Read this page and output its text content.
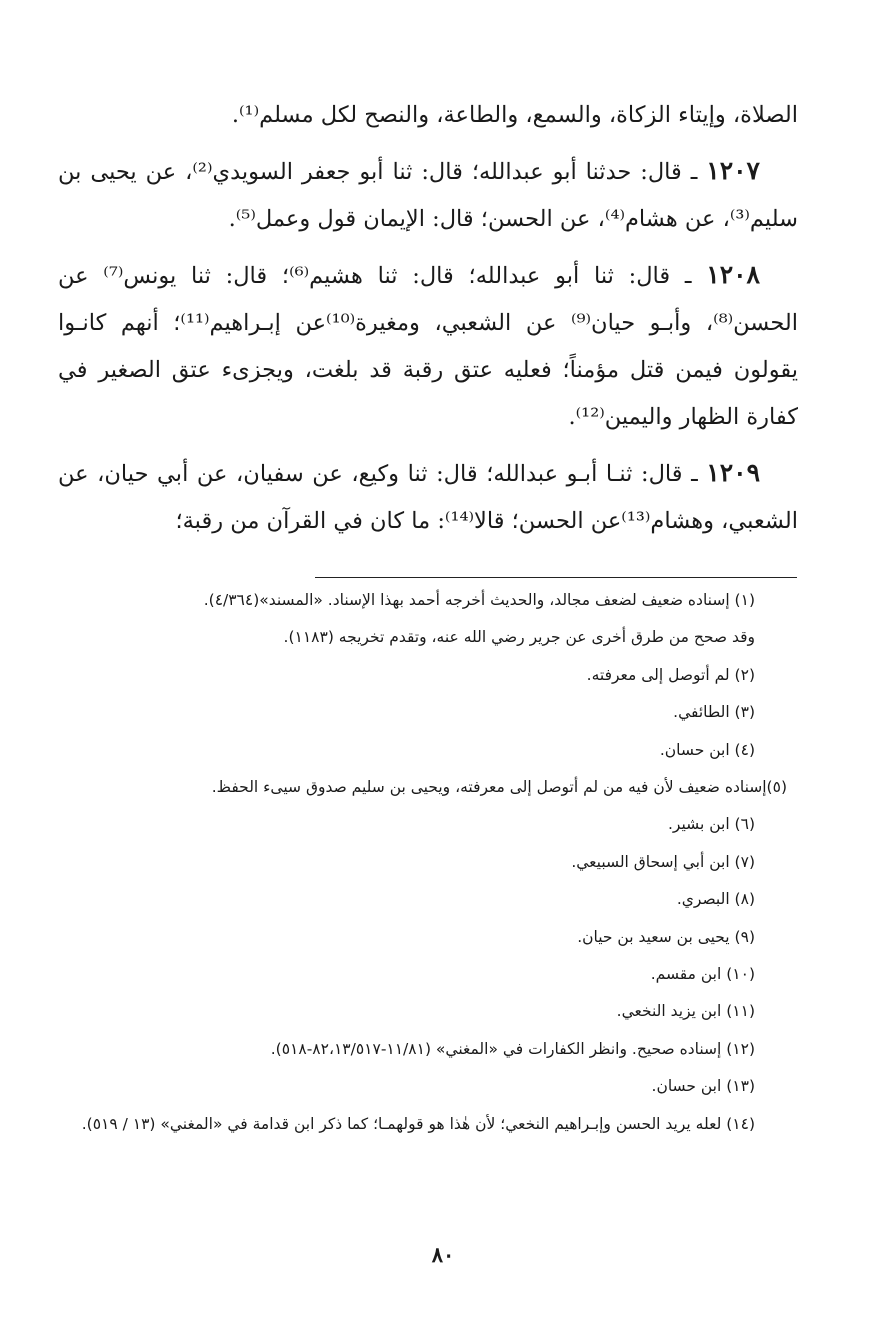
الصلاة، وإيتاء الزكاة، والسمع، والطاعة، والنصح لكل مسلم⁽¹⁾.

١٢٠٧ ـ قال: حدثنا أبو عبدالله؛ قال: ثنا أبو جعفر السويدي⁽²⁾، عن يحيى بن سليم⁽³⁾، عن هشام⁽⁴⁾، عن الحسن؛ قال: الإيمان قول وعمل⁽⁵⁾.

١٢٠٨ ـ قال: ثنا أبو عبدالله؛ قال: ثنا هشيم⁽⁶⁾؛ قال: ثنا يونس⁽⁷⁾ عن الحسن⁽⁸⁾، وأبـو حيان⁽⁹⁾ عن الشعبي، ومغيرة⁽¹⁰⁾عن إبـراهيم⁽¹¹⁾؛ أنهم كانـوا يقولون فيمن قتل مؤمناً؛ فعليه عتق رقبة قد بلغت، ويجزىء عتق الصغير في كفارة الظهار واليمين⁽¹²⁾.

١٢٠٩ ـ قال: ثنـا أبـو عبدالله؛ قال: ثنا وكيع، عن سفيان، عن أبي حيان، عن الشعبي، وهشام⁽¹³⁾عن الحسن؛ قالا⁽¹⁴⁾: ما كان في القرآن من رقبة؛

(١) إسناده ضعيف لضعف مجالد، والحديث أخرجه أحمد بهذا الإسناد. «المسند»(٤/٣٦٤).
وقد صحح من طرق أخرى عن جرير رضي الله عنه، وتقدم تخريجه (١١٨٣).
(٢) لم أتوصل إلى معرفته.
(٣) الطائفي.
(٤) ابن حسان.
(٥)إسناده ضعيف لأن فيه من لم أتوصل إلى معرفته، ويحيى بن سليم صدوق سيىء الحفظ.
(٦) ابن بشير.
(٧) ابن أبي إسحاق السبيعي.
(٨) البصري.
(٩) يحيى بن سعيد بن حيان.
(١٠) ابن مقسم.
(١١) ابن يزيد النخعي.
(١٢) إسناده صحيح. وانظر الكفارات في «المغني» (١١/٨١-٨٢،١٣/٥١٧-٥١٨).
(١٣) ابن حسان.
(١٤) لعله يريد الحسن وإبـراهيم النخعي؛ لأن هٰذا هو قولهمـا؛ كما ذكر ابن قدامة في «المغني» (١٣ / ٥١٩).
٨٠
